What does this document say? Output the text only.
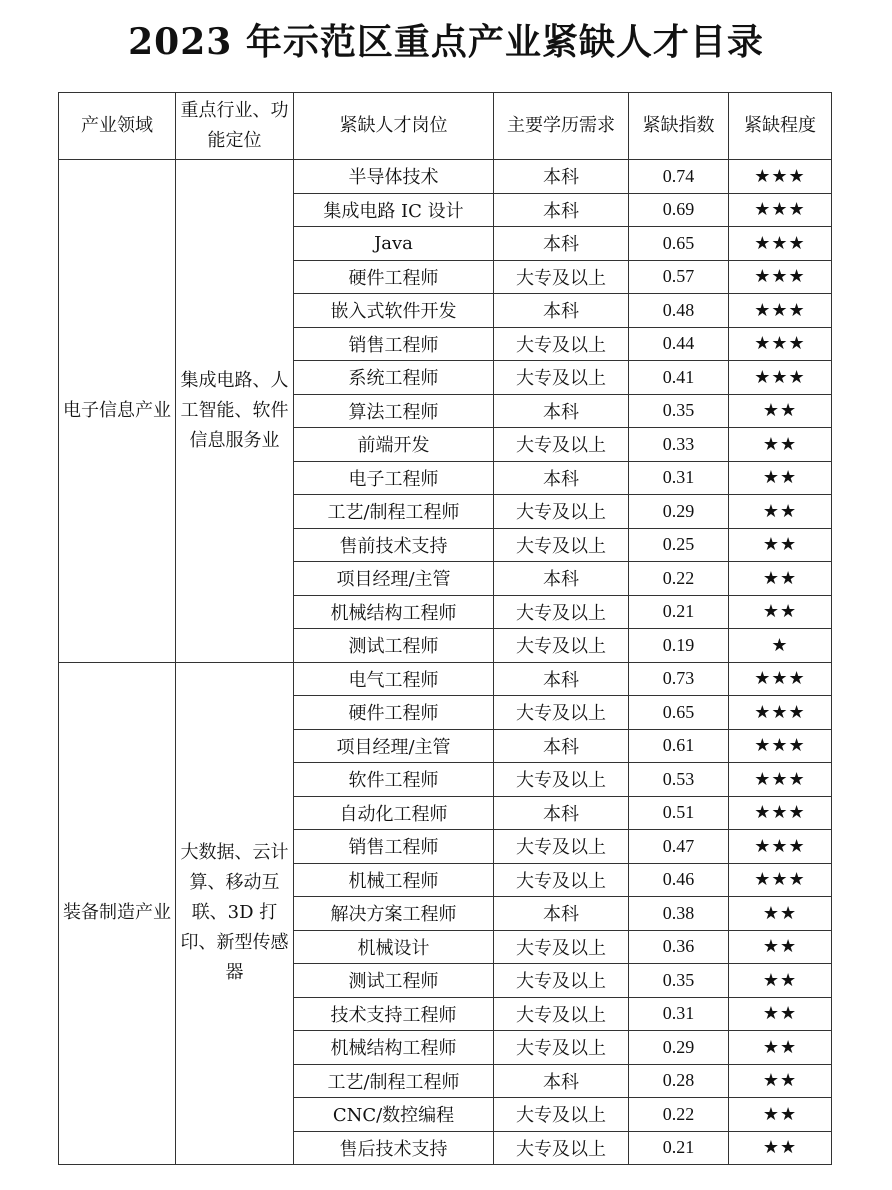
2023 年示范区重点产业紧缺人才目录
产业领域	重点行业、功能定位	紧缺人才岗位	主要学历需求	紧缺指数	紧缺程度
电子信息产业	集成电路、人工智能、软件信息服务业	半导体技术	本科	0.74	★★★
		集成电路 IC 设计	本科	0.69	★★★
		Java	本科	0.65	★★★
		硬件工程师	大专及以上	0.57	★★★
		嵌入式软件开发	本科	0.48	★★★
		销售工程师	大专及以上	0.44	★★★
		系统工程师	大专及以上	0.41	★★★
		算法工程师	本科	0.35	★★
		前端开发	大专及以上	0.33	★★
		电子工程师	本科	0.31	★★
		工艺/制程工程师	大专及以上	0.29	★★
		售前技术支持	大专及以上	0.25	★★
		项目经理/主管	本科	0.22	★★
		机械结构工程师	大专及以上	0.21	★★
		测试工程师	大专及以上	0.19	★
装备制造产业	大数据、云计算、移动互联、3D 打印、新型传感器	电气工程师	本科	0.73	★★★
		硬件工程师	大专及以上	0.65	★★★
		项目经理/主管	本科	0.61	★★★
		软件工程师	大专及以上	0.53	★★★
		自动化工程师	本科	0.51	★★★
		销售工程师	大专及以上	0.47	★★★
		机械工程师	大专及以上	0.46	★★★
		解决方案工程师	本科	0.38	★★
		机械设计	大专及以上	0.36	★★
		测试工程师	大专及以上	0.35	★★
		技术支持工程师	大专及以上	0.31	★★
		机械结构工程师	大专及以上	0.29	★★
		工艺/制程工程师	本科	0.28	★★
		CNC/数控编程	大专及以上	0.22	★★
		售后技术支持	大专及以上	0.21	★★
